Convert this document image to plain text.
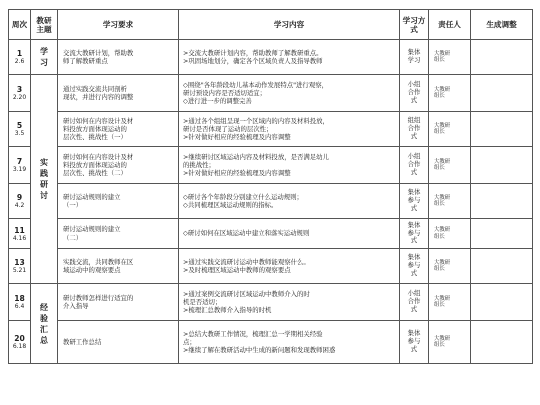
周次	教研主题	学习要求	学习内容	学习方式	责任人	生成调整

1
2.6	学习	交流大教研计划，帮助教
师了解教研重点	>交流大教研计划内容，帮助教师了解教研重点。
>巩固场地划分，确定各个区域负责人及指导教师	集体
学习	大教研
组长	

3
2.20	实践研讨	通过实践交流共同剖析
现状，并进行内容的调整	◇围绕"各年龄段幼儿基本动作发展特点"进行观察，
研讨预设内容是否适切适宜；
◇进行进一步的调整完善	小组
合作
式	大教研
组长	

5
3.5		研讨如何在内容设计及材
料投放方面体现运动的
层次性、挑战性（一）	>通过各个组组呈现一个区域内的内容及材料投放，
研讨是否体现了运动的层次性；
>针对做好相应的经验梳理及内容调整	组组
合作
式	大教研
组长	

7
3.19		研讨如何在内容设计及材
料投放方面体现运动的
层次性、挑战性（二）	>继续研讨区域运动内容及材料投放，是否满足幼儿
的挑战性；
>针对做好相应的经验梳理及内容调整	小组
合作
式	大教研
组长	

9
4.2		研讨运动规则的建立
（一）	◇研讨各个年龄段分别建立什么运动规则；
◇共同梳理区域运动规则的指标。	集体
参与
式	大教研
组长	

11
4.16		研讨运动规则的建立
（二）	◇研讨如何在区域运动中建立和落实运动规则	集体
参与
式	大教研
组长	

13
5.21		实践交流，共同教师在区
域运动中的观察要点	>通过实践交流研讨运动中教师能观察什么。
>及时梳理区域运动中教师的观察要点	集体
参与
式	大教研
组长	

18
6.4	经验汇总	研讨教师怎样进行适宜的
介入指导	>通过案例交流研讨区域运动中教师介入的时
机是否适切；
>梳理汇总教师介入指导的时机	小组
合作
式	大教研
组长	

20
6.18		教研工作总结	>总结大教研工作情况，梳理汇总一学期相关经验
点；
>继续了解在教研活动中生成的新问题和发现教师困惑	集体
参与
式	大教研
组长	
